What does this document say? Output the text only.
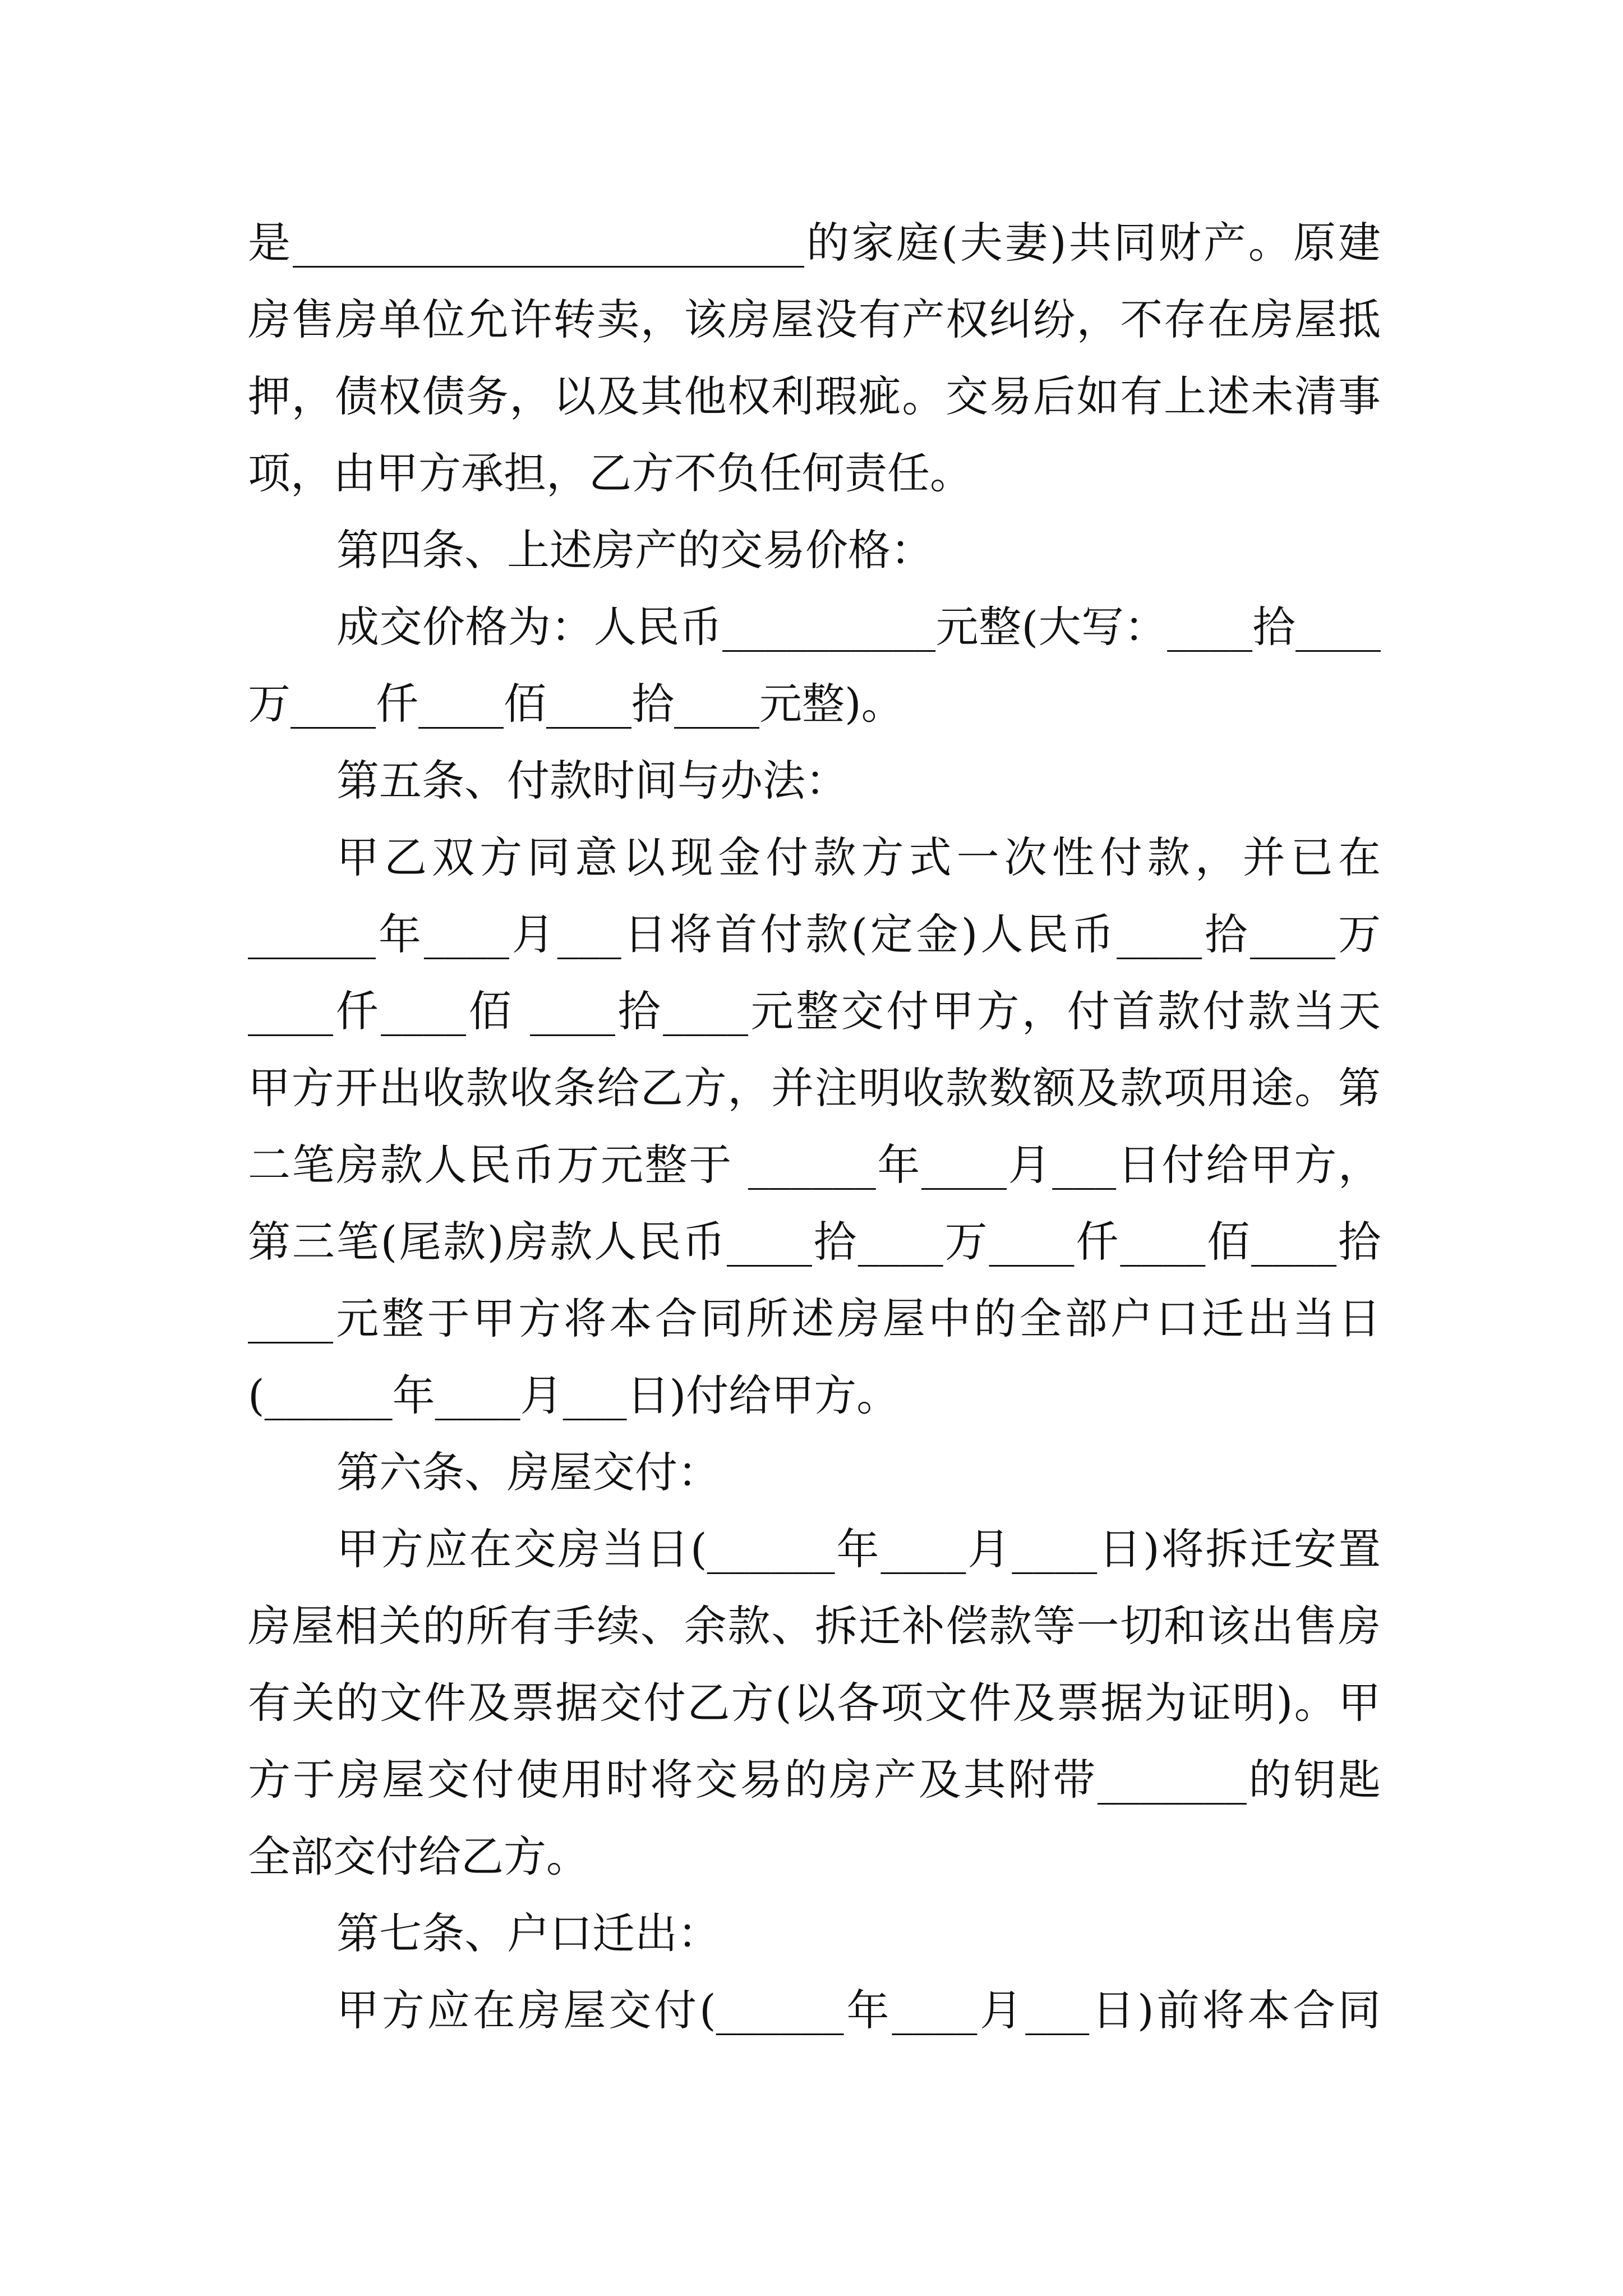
是________________________的家庭(夫妻)共同财产。原建
房售房单位允许转卖，该房屋没有产权纠纷，不存在房屋抵
押，债权债务，以及其他权利瑕疵。交易后如有上述未清事
项，由甲方承担，乙方不负任何责任。
第四条、上述房产的交易价格：
成交价格为：人民币__________元整(大写：____拾____
万____仟____佰____拾____元整)。
第五条、付款时间与办法：
甲乙双方同意以现金付款方式一次性付款，并已在
______年____月___日将首付款(定金)人民币____拾____万
____仟____佰 ____拾____元整交付甲方，付首款付款当天
甲方开出收款收条给乙方，并注明收款数额及款项用途。第
二笔房款人民币万元整于 ______年____月___日付给甲方，
第三笔(尾款)房款人民币____拾____万____仟____佰____拾
____元整于甲方将本合同所述房屋中的全部户口迁出当日
(______年____月___日)付给甲方。
第六条、房屋交付：
甲方应在交房当日(______年____月____日)将拆迁安置
房屋相关的所有手续、余款、拆迁补偿款等一切和该出售房
有关的文件及票据交付乙方(以各项文件及票据为证明)。甲
方于房屋交付使用时将交易的房产及其附带_______的钥匙
全部交付给乙方。
第七条、户口迁出：
甲方应在房屋交付(______年____月___日)前将本合同
